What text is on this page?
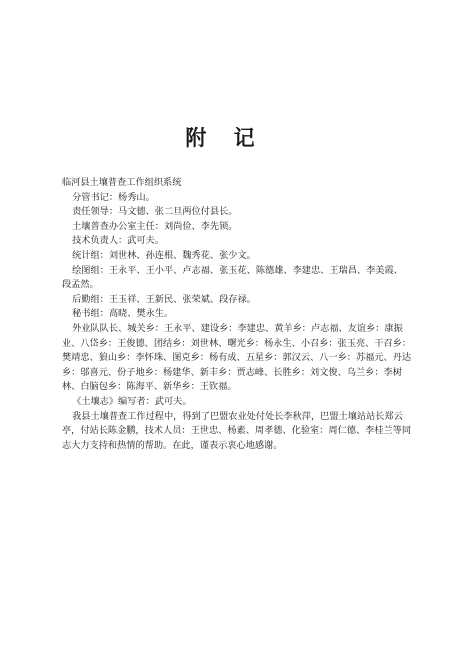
附 记

临河县土壤普查工作组织系统

分管书记：杨秀山。

责任领导：马文德、张二旦两位付县长。

土壤普查办公室主任：刘尚俭、李先锁。

技术负责人：武可夫。

统计组：刘世林、孙连根、魏秀花、张少文。

绘图组：王永平、王小平、卢志福、张玉花、陈德雄、李建忠、王瑞昌、李美霞、段孟然。

后勤组：王玉祥、王新民、张荣斌、段存禄。

秘书组：高晓、樊永生。

外业队队长、城关乡：王永平、建设乡：李建忠、黄羊乡：卢志福、友谊乡：康振业、八岱乡：王俊德、团结乡：刘世林、曙光乡：杨永生、小召乡：张玉亮、干召乡：樊靖忠、狼山乡：李怀珠、图克乡：杨有成、五星乡：郭汉云、八一乡：苏福元、丹达乡：邬喜元、份子地乡：杨建华、新丰乡：贾志峰、长胜乡：刘文俊、乌兰乡：李树林、白脑包乡：陈海平、新华乡：王钦福。

《土壤志》编写者：武可夫。

我县土壤普查工作过程中，得到了巴盟农业处付处长李秋萍，巴盟土壤站站长郑云亭，付站长陈金鹏，技术人员：王世忠、杨素、周孝德、化验室：周仁德、李桂兰等同志大力支持和热情的帮助。在此，谨表示衷心地感谢。
